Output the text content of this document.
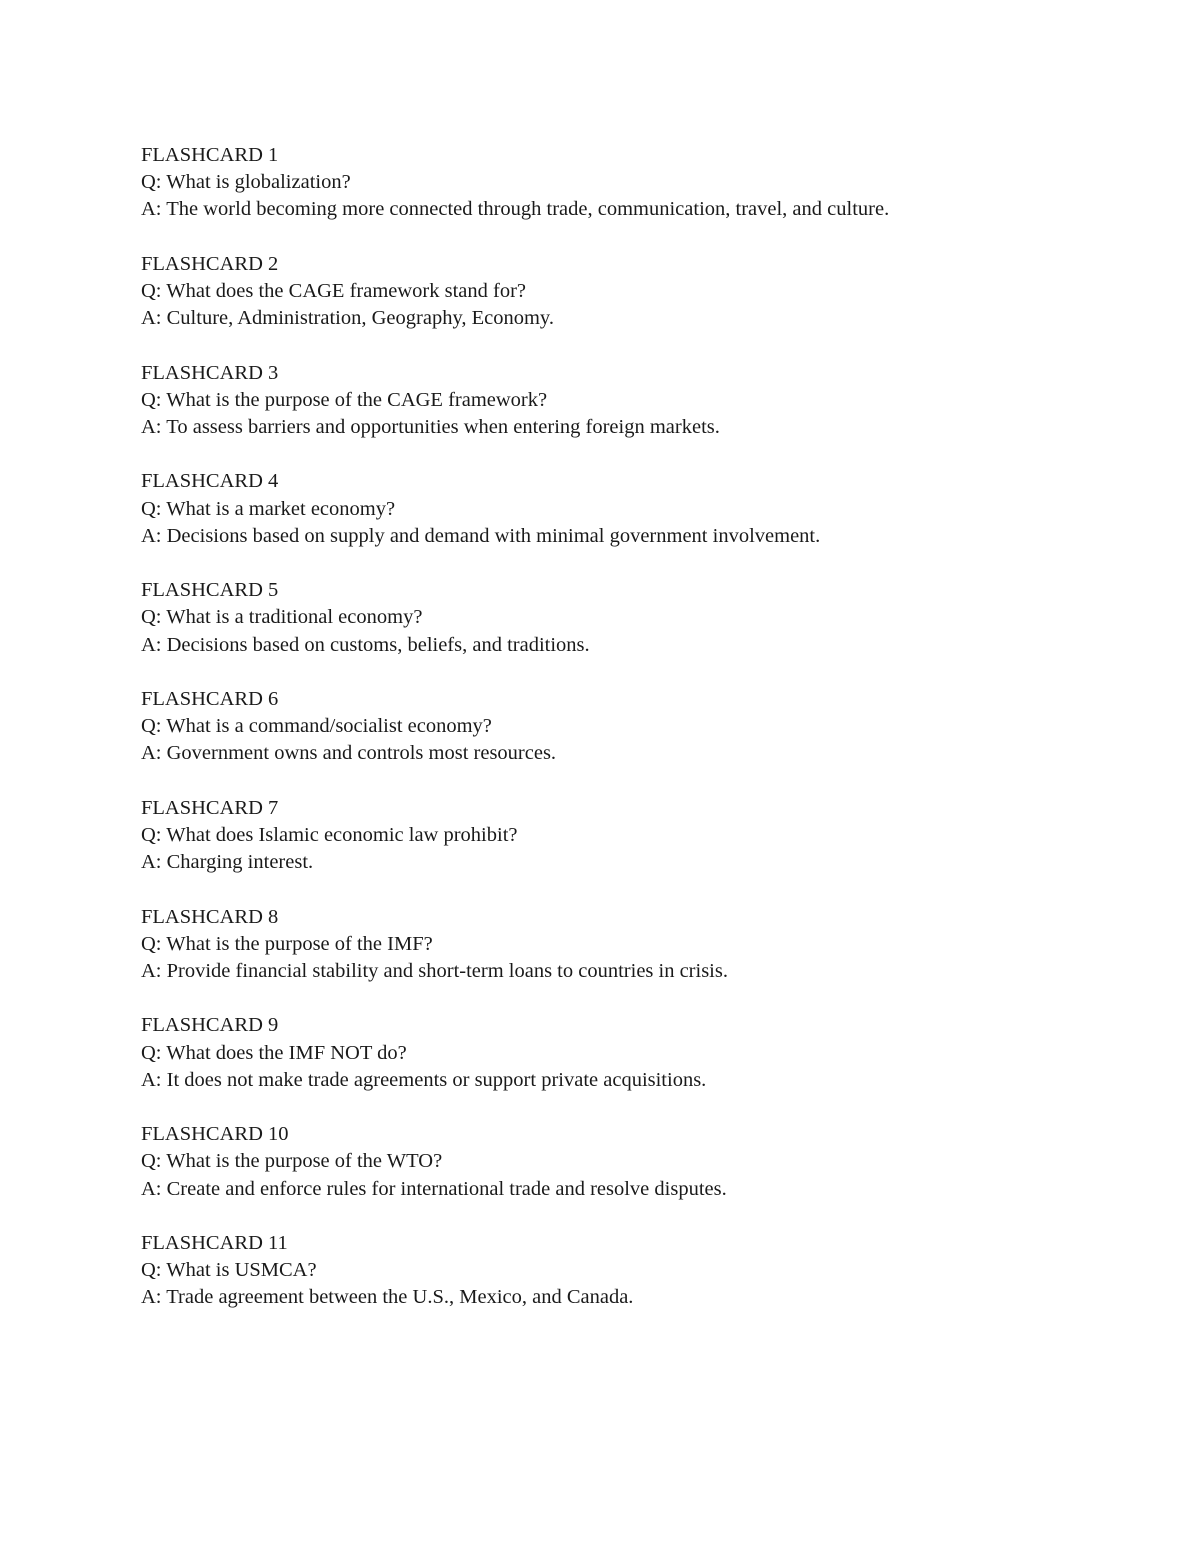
FLASHCARD 1
Q: What is globalization?
A: The world becoming more connected through trade, communication, travel, and culture.
FLASHCARD 2
Q: What does the CAGE framework stand for?
A: Culture, Administration, Geography, Economy.
FLASHCARD 3
Q: What is the purpose of the CAGE framework?
A: To assess barriers and opportunities when entering foreign markets.
FLASHCARD 4
Q: What is a market economy?
A: Decisions based on supply and demand with minimal government involvement.
FLASHCARD 5
Q: What is a traditional economy?
A: Decisions based on customs, beliefs, and traditions.
FLASHCARD 6
Q: What is a command/socialist economy?
A: Government owns and controls most resources.
FLASHCARD 7
Q: What does Islamic economic law prohibit?
A: Charging interest.
FLASHCARD 8
Q: What is the purpose of the IMF?
A: Provide financial stability and short-term loans to countries in crisis.
FLASHCARD 9
Q: What does the IMF NOT do?
A: It does not make trade agreements or support private acquisitions.
FLASHCARD 10
Q: What is the purpose of the WTO?
A: Create and enforce rules for international trade and resolve disputes.
FLASHCARD 11
Q: What is USMCA?
A: Trade agreement between the U.S., Mexico, and Canada.
